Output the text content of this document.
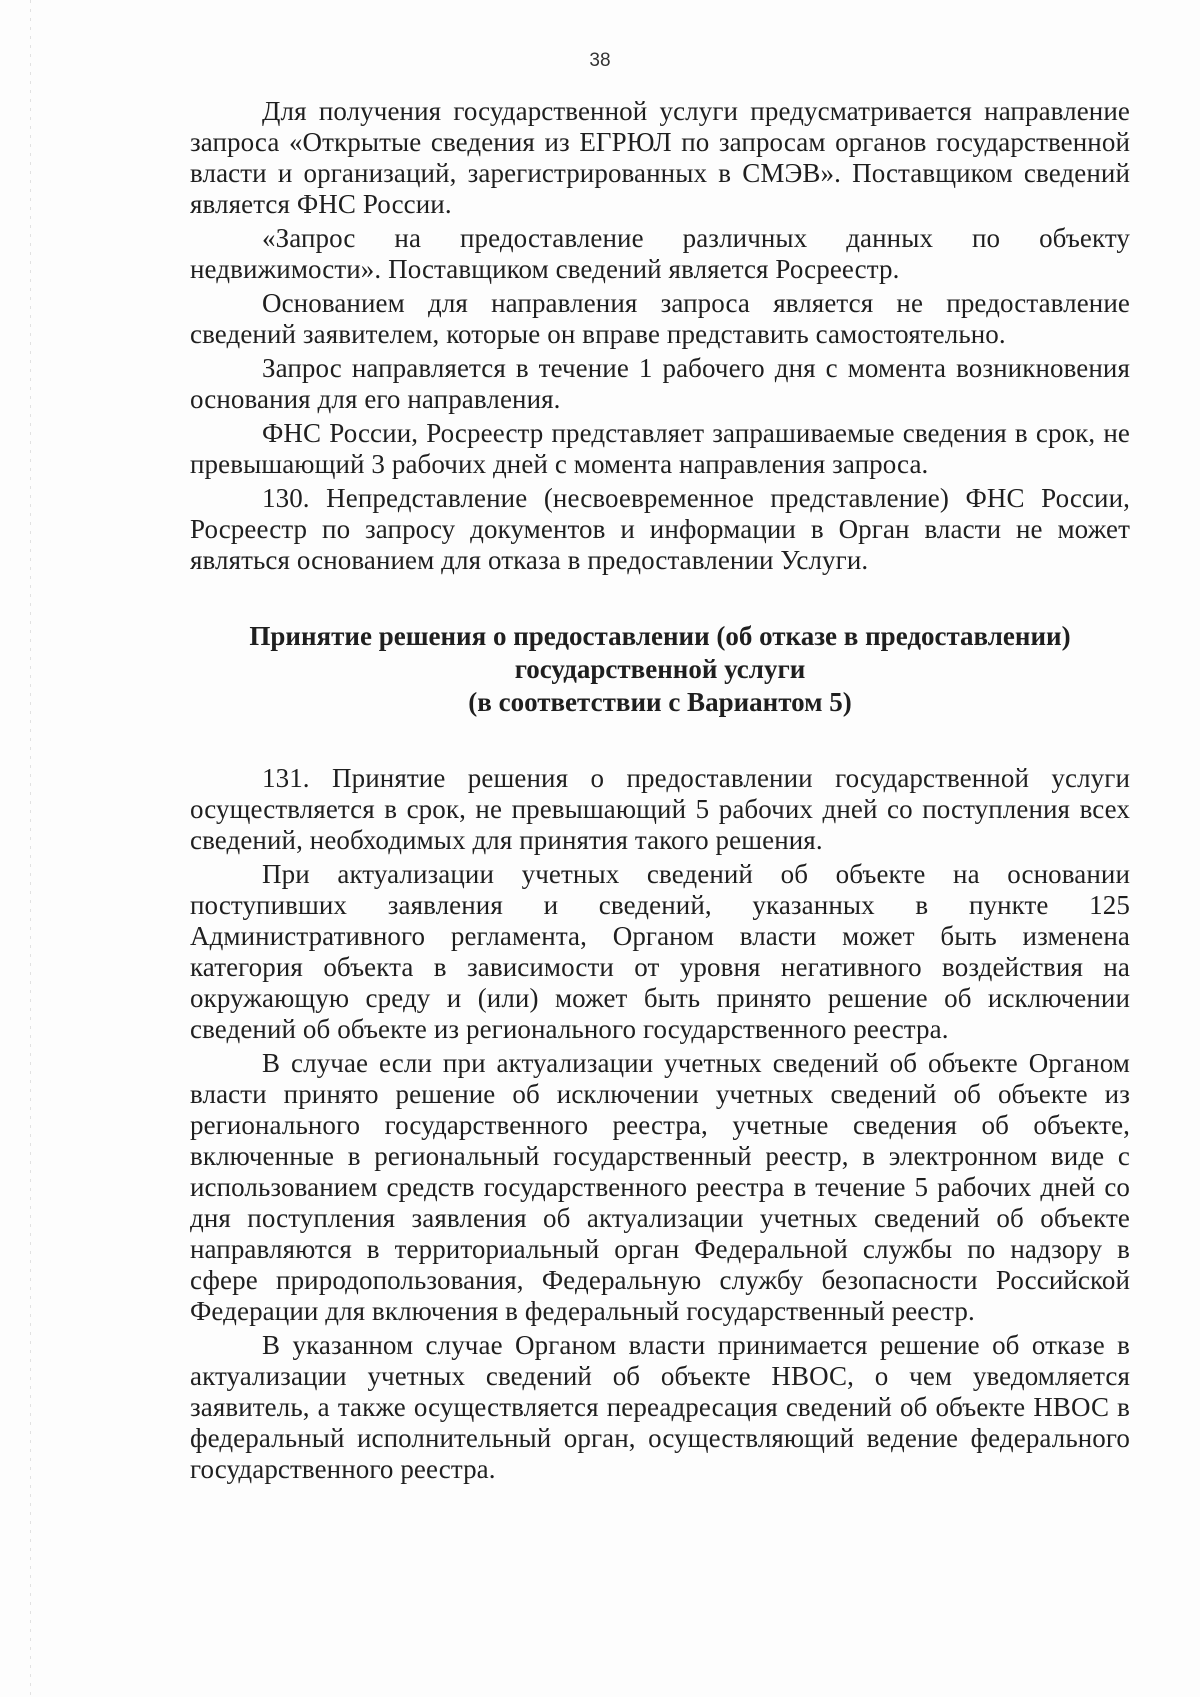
38

Для получения государственной услуги предусматривается направление запроса «Открытые сведения из ЕГРЮЛ по запросам органов государственной власти и организаций, зарегистрированных в СМЭВ». Поставщиком сведений является ФНС России.

«Запрос на предоставление различных данных по объекту недвижимости». Поставщиком сведений является Росреестр.

Основанием для направления запроса является не предоставление сведений заявителем, которые он вправе представить самостоятельно.

Запрос направляется в течение 1 рабочего дня с момента возникновения основания для его направления.

ФНС России, Росреестр представляет запрашиваемые сведения в срок, не превышающий 3 рабочих дней с момента направления запроса.

130. Непредставление (несвоевременное представление) ФНС России, Росреестр по запросу документов и информации в Орган власти не может являться основанием для отказа в предоставлении Услуги.

Принятие решения о предоставлении (об отказе в предоставлении)
государственной услуги
(в соответствии с Вариантом 5)

131. Принятие решения о предоставлении государственной услуги осуществляется в срок, не превышающий 5 рабочих дней со поступления всех сведений, необходимых для принятия такого решения.

При актуализации учетных сведений об объекте на основании поступивших заявления и сведений, указанных в пункте 125 Административного регламента, Органом власти может быть изменена категория объекта в зависимости от уровня негативного воздействия на окружающую среду и (или) может быть принято решение об исключении сведений об объекте из регионального государственного реестра.

В случае если при актуализации учетных сведений об объекте Органом власти принято решение об исключении учетных сведений об объекте из регионального государственного реестра, учетные сведения об объекте, включенные в региональный государственный реестр, в электронном виде с использованием средств государственного реестра в течение 5 рабочих дней со дня поступления заявления об актуализации учетных сведений об объекте направляются в территориальный орган Федеральной службы по надзору в сфере природопользования, Федеральную службу безопасности Российской Федерации для включения в федеральный государственный реестр.

В указанном случае Органом власти принимается решение об отказе в актуализации учетных сведений об объекте НВОС, о чем уведомляется заявитель, а также осуществляется переадресация сведений об объекте НВОС в федеральный исполнительный орган, осуществляющий ведение федерального государственного реестра.
